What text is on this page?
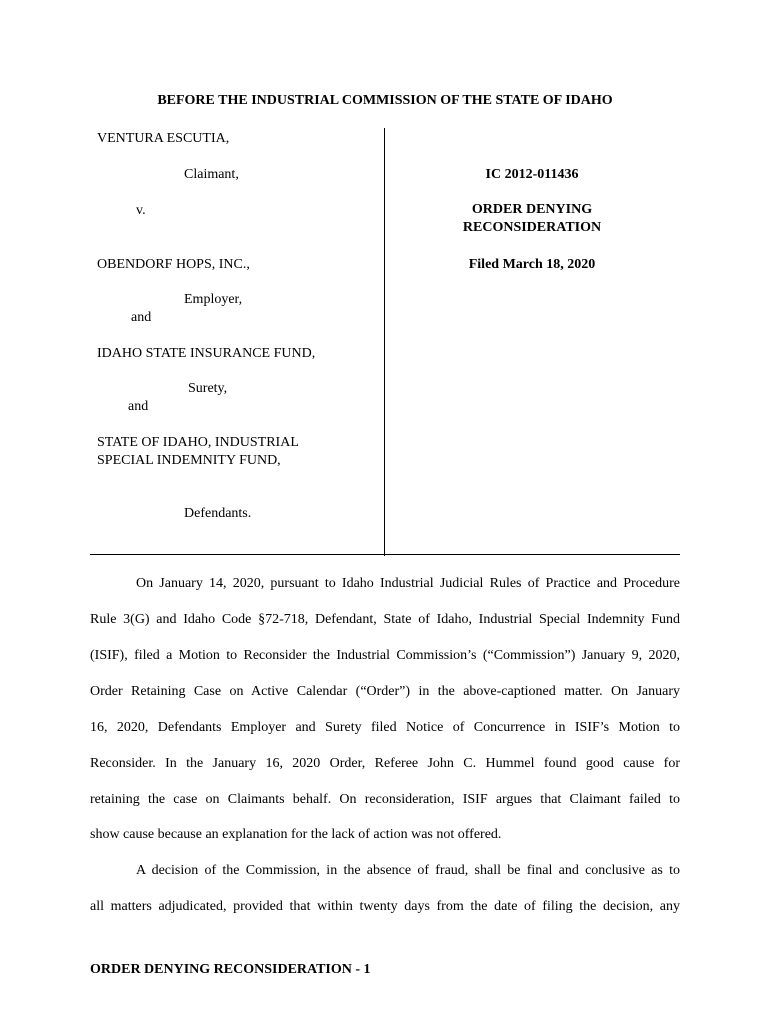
BEFORE THE INDUSTRIAL COMMISSION OF THE STATE OF IDAHO
VENTURA ESCUTIA,
Claimant,
v.
OBENDORF HOPS, INC.,
Employer,
and
IDAHO STATE INSURANCE FUND,
Surety,
and
STATE OF IDAHO, INDUSTRIAL
SPECIAL INDEMNITY FUND,
Defendants.
IC 2012-011436
ORDER DENYING
RECONSIDERATION
Filed March 18, 2020
On January 14, 2020, pursuant to Idaho Industrial Judicial Rules of Practice and Procedure
Rule 3(G) and Idaho Code §72-718, Defendant, State of Idaho, Industrial Special Indemnity Fund
(ISIF), filed a Motion to Reconsider the Industrial Commission’s (“Commission”) January 9, 2020,
Order Retaining Case on Active Calendar (“Order”) in the above-captioned matter. On January
16, 2020, Defendants Employer and Surety filed Notice of Concurrence in ISIF’s Motion to
Reconsider. In the January 16, 2020 Order, Referee John C. Hummel found good cause for
retaining the case on Claimants behalf. On reconsideration, ISIF argues that Claimant failed to
show cause because an explanation for the lack of action was not offered.
A decision of the Commission, in the absence of fraud, shall be final and conclusive as to
all matters adjudicated, provided that within twenty days from the date of filing the decision, any
ORDER DENYING RECONSIDERATION - 1
